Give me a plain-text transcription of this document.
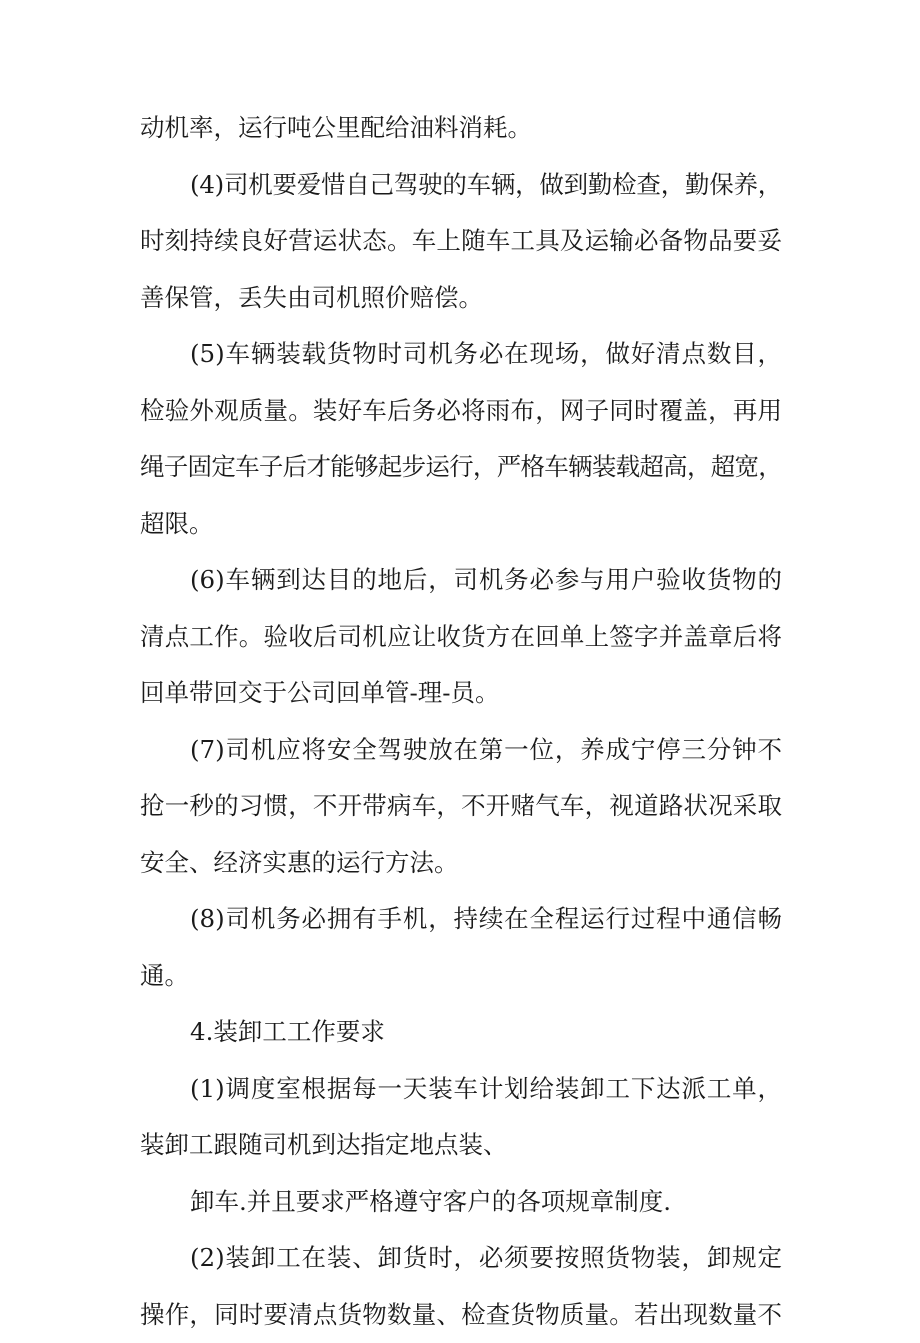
动机率，运行吨公里配给油料消耗。
(4)司机要爱惜自己驾驶的车辆，做到勤检查，勤保养，
时刻持续良好营运状态。车上随车工具及运输必备物品要妥
善保管，丢失由司机照价赔偿。
(5)车辆装载货物时司机务必在现场，做好清点数目，
检验外观质量。装好车后务必将雨布，网子同时覆盖，再用
绳子固定车子后才能够起步运行，严格车辆装载超高，超宽，
超限。
(6)车辆到达目的地后，司机务必参与用户验收货物的
清点工作。验收后司机应让收货方在回单上签字并盖章后将
回单带回交于公司回单管-理-员。
(7)司机应将安全驾驶放在第一位，养成宁停三分钟不
抢一秒的习惯，不开带病车，不开赌气车，视道路状况采取
安全、经济实惠的运行方法。
(8)司机务必拥有手机，持续在全程运行过程中通信畅
通。
4.装卸工工作要求
(1)调度室根据每一天装车计划给装卸工下达派工单，
装卸工跟随司机到达指定地点装、
卸车.并且要求严格遵守客户的各项规章制度.
(2)装卸工在装、卸货时，必须要按照货物装，卸规定
操作，同时要清点货物数量、检查货物质量。若出现数量不
